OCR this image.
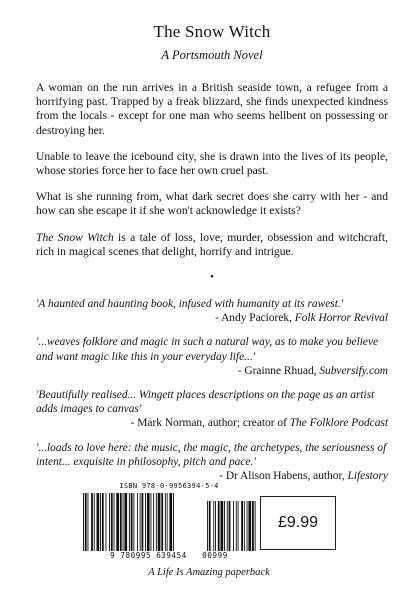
The Snow Witch
A Portsmouth Novel

A woman on the run arrives in a British seaside town, a refugee from a horrifying past. Trapped by a freak blizzard, she finds unexpected kindness from the locals - except for one man who seems hellbent on possessing or destroying her.

Unable to leave the icebound city, she is drawn into the lives of its people, whose stories force her to face her own cruel past.

What is she running from, what dark secret does she carry with her - and how can she escape it if she won't acknowledge it exists?

The Snow Witch is a tale of loss, love, murder, obsession and witchcraft, rich in magical scenes that delight, horrify and intrigue.

•
'A haunted and haunting book, infused with humanity at its rawest.'
- Andy Paciorek, Folk Horror Revival
'...weaves folklore and magic in such a natural way, as to make you believe and want magic like this in your everyday life...'
- Grainne Rhuad, Subversify.com
'Beautifully realised... Wingett places descriptions on the page as an artist adds images to canvas'
- Mark Norman, author; creator of The Folklore Podcast
'...loads to love here: the music, the magic, the archetypes, the seriousness of intent... exquisite in philosophy, pitch and pace.'
- Dr Alison Habens, author, Lifestory
ISBN 978-0-9956394-5-4
9 780995 639454 00999
£9.99
A Life Is Amazing paperback
